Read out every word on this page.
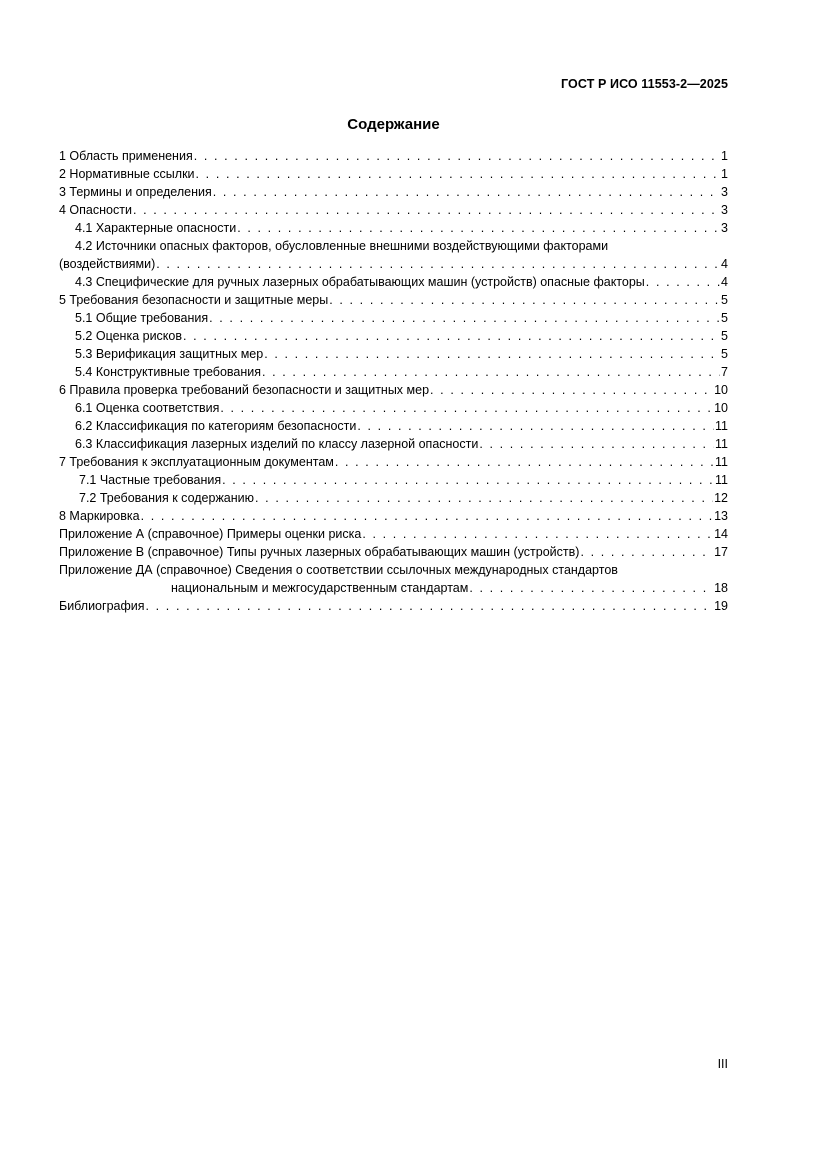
ГОСТ Р ИСО 11553-2—2025
Содержание
1 Область применения . . .	1
2 Нормативные ссылки . . .	1
3 Термины и определения . . .	3
4 Опасности . . .	3
4.1 Характерные опасности . . .	3
4.2 Источники опасных факторов, обусловленные внешними воздействующими факторами
(воздействиями) . . .	4
4.3 Специфические для ручных лазерных обрабатывающих машин (устройств) опасные факторы . . .	4
5 Требования безопасности и защитные меры . . .	5
5.1 Общие требования . . .	5
5.2 Оценка рисков . . .	5
5.3 Верификация защитных мер . . .	5
5.4 Конструктивные требования . . .	7
6 Правила проверка требований безопасности и защитных мер . . .	10
6.1 Оценка соответствия . . .	10
6.2 Классификация по категориям безопасности . . .	11
6.3 Классификация лазерных изделий по классу лазерной опасности . . .	11
7 Требования к эксплуатационным документам . . .	11
7.1 Частные требования . . .	11
7.2 Требования к содержанию . . .	12
8 Маркировка . . .	13
Приложение А (справочное) Примеры оценки риска . . .	14
Приложение В (справочное) Типы ручных лазерных обрабатывающих машин (устройств) . . .	17
Приложение ДА (справочное) Сведения о соответствии ссылочных международных стандартов
национальным и межгосударственным стандартам . . .	18
Библиография . . .	19
III
